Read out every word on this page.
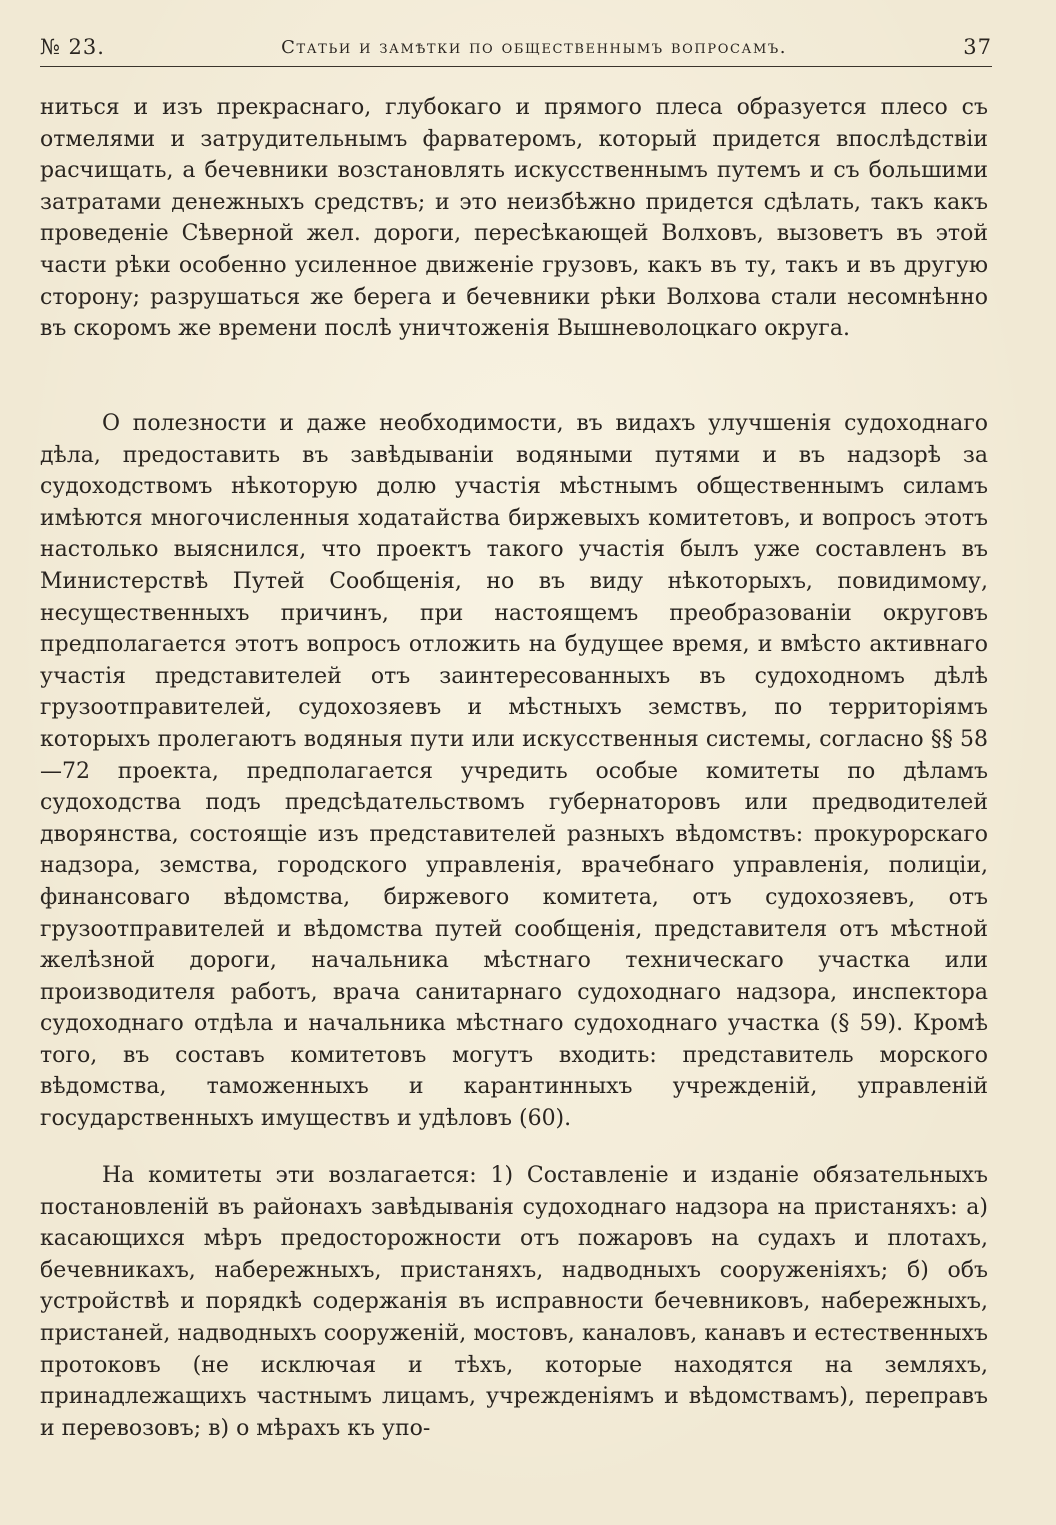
№ 23.	Статьи и замѣтки по общественнымъ вопросамъ.	37

ниться и изъ прекраснаго, глубокаго и прямого плеса образуется плесо съ отмелями и затрудительнымъ фарватеромъ, который придется впослѣдствіи расчищать, а бечевники возстановлять искусственнымъ путемъ и съ большими затратами денежныхъ средствъ; и это неизбѣжно придется сдѣлать, такъ какъ проведеніе Сѣверной жел. дороги, пересѣкающей Волховъ, вызоветъ въ этой части рѣки особенно усиленное движеніе грузовъ, какъ въ ту, такъ и въ другую сторону; разрушаться же берега и бечевники рѣки Волхова стали несомнѣнно въ скоромъ же времени послѣ уничтоженія Вышневолоцкаго округа.

О полезности и даже необходимости, въ видахъ улучшенія судоходнаго дѣла, предоставить въ завѣдываніи водяными путями и въ надзорѣ за судоходствомъ нѣкоторую долю участія мѣстнымъ общественнымъ силамъ имѣются многочисленныя ходатайства биржевыхъ комитетовъ, и вопросъ этотъ настолько выяснился, что проектъ такого участія былъ уже составленъ въ Министерствѣ Путей Сообщенія, но въ виду нѣкоторыхъ, повидимому, несущественныхъ причинъ, при настоящемъ преобразованіи округовъ предполагается этотъ вопросъ отложить на будущее время, и вмѣсто активнаго участія представителей отъ заинтересованныхъ въ судоходномъ дѣлѣ грузоотправителей, судохозяевъ и мѣстныхъ земствъ, по территоріямъ которыхъ пролегаютъ водяныя пути или искусственныя системы, согласно §§ 58—72 проекта, предполагается учредить особые комитеты по дѣламъ судоходства подъ предсѣдательствомъ губернаторовъ или предводителей дворянства, состоящіе изъ представителей разныхъ вѣдомствъ: прокурорскаго надзора, земства, городского управленія, врачебнаго управленія, полиціи, финансоваго вѣдомства, биржевого комитета, отъ судохозяевъ, отъ грузоотправителей и вѣдомства путей сообщенія, представителя отъ мѣстной желѣзной дороги, начальника мѣстнаго техническаго участка или производителя работъ, врача санитарнаго судоходнаго надзора, инспектора судоходнаго отдѣла и начальника мѣстнаго судоходнаго участка (§ 59). Кромѣ того, въ составъ комитетовъ могутъ входить: представитель морского вѣдомства, таможенныхъ и карантинныхъ учрежденій, управленій государственныхъ имуществъ и удѣловъ (60).

На комитеты эти возлагается: 1) Составленіе и изданіе обязательныхъ постановленій въ районахъ завѣдыванія судоходнаго надзора на пристаняхъ: а) касающихся мѣръ предосторожности отъ пожаровъ на судахъ и плотахъ, бечевникахъ, набережныхъ, пристаняхъ, надводныхъ сооруженіяхъ; б) объ устройствѣ и порядкѣ содержанія въ исправности бечевниковъ, набережныхъ, пристаней, надводныхъ сооруженій, мостовъ, каналовъ, канавъ и естественныхъ протоковъ (не исключая и тѣхъ, которые находятся на земляхъ, принадлежащихъ частнымъ лицамъ, учрежденіямъ и вѣдомствамъ), переправъ и перевозовъ; в) о мѣрахъ къ упо-
